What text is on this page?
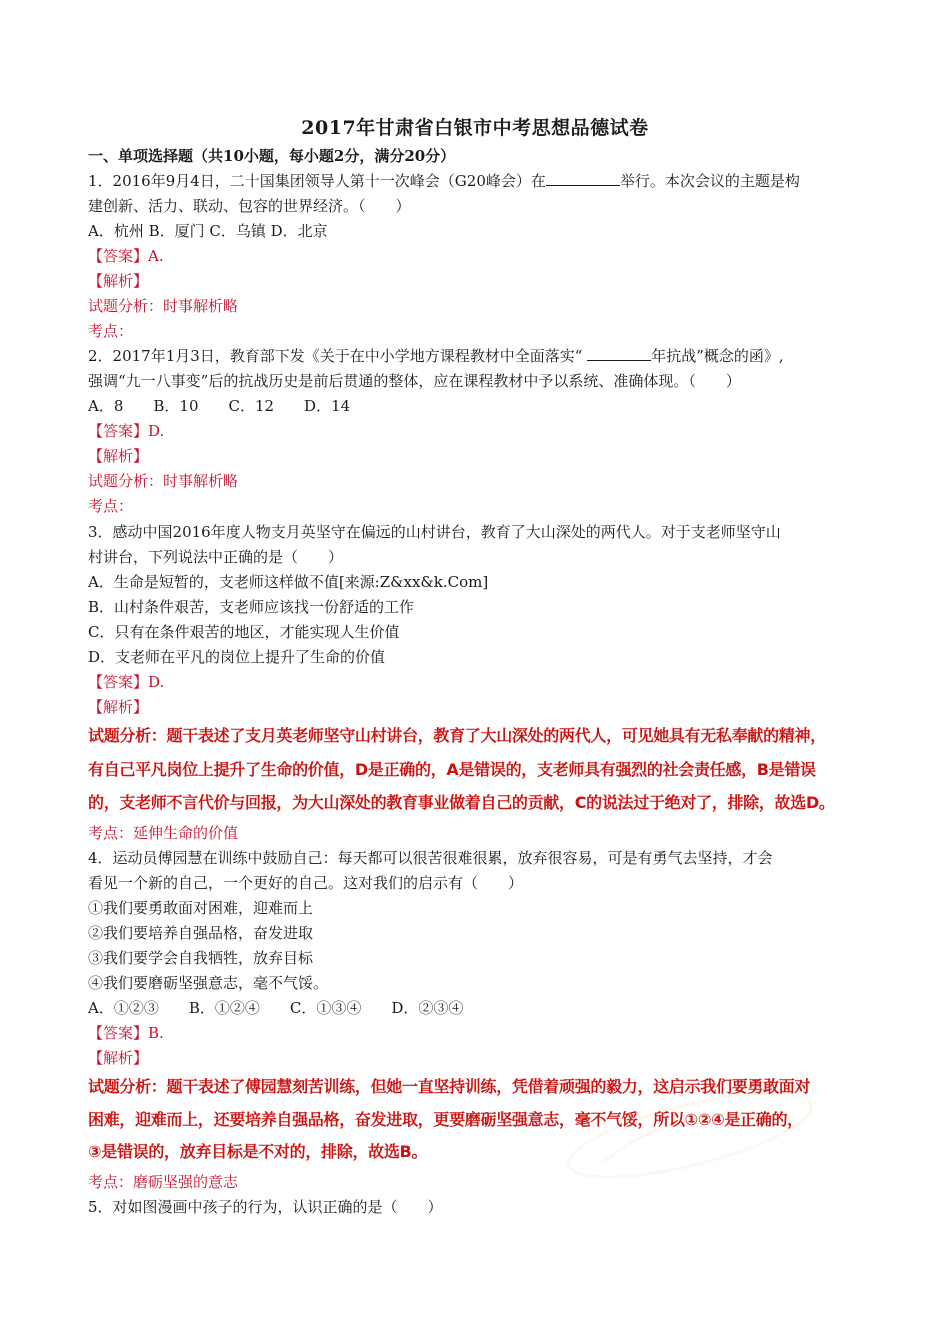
2017年甘肃省白银市中考思想品德试卷
一、单项选择题（共10小题，每小题2分，满分20分）
1．2016年9月4日，二十国集团领导人第十一次峰会（G20峰会）在	举行。本次会议的主题是构
建创新、活力、联动、包容的世界经济。（　　）
A．杭州 B．厦门 C．乌镇 D．北京
【答案】A.
【解析】
试题分析：时事解析略
考点：
2．2017年1月3日，教育部下发《关于在中小学地方课程教材中全面落实“	年抗战”概念的函》,
强调“九一八事变”后的抗战历史是前后贯通的整体，应在课程教材中予以系统、准确体现。（　　）
A．8　　B．10　　C．12　　D．14
【答案】D.
【解析】
试题分析：时事解析略
考点：
3．感动中国2016年度人物支月英坚守在偏远的山村讲台，教育了大山深处的两代人。对于支老师坚守山
村讲台，下列说法中正确的是（　　）
A．生命是短暂的，支老师这样做不值[来源:Z&xx&k.Com]
B．山村条件艰苦，支老师应该找一份舒适的工作
C．只有在条件艰苦的地区，才能实现人生价值
D．支老师在平凡的岗位上提升了生命的价值
【答案】D.
【解析】
试题分析：题干表述了支月英老师坚守山村讲台，教育了大山深处的两代人，可见她具有无私奉献的精神，
有自己平凡岗位上提升了生命的价值，D是正确的，A是错误的，支老师具有强烈的社会责任感，B是错误
的，支老师不言代价与回报，为大山深处的教育事业做着自己的贡献，C的说法过于绝对了，排除，故选D。
考点：延伸生命的价值
4．运动员傅园慧在训练中鼓励自己：每天都可以很苦很难很累，放弃很容易，可是有勇气去坚持，才会
看见一个新的自己，一个更好的自己。这对我们的启示有（　　）
①我们要勇敢面对困难，迎难而上
②我们要培养自强品格，奋发进取
③我们要学会自我牺牲，放弃目标
④我们要磨砺坚强意志，毫不气馁。
A．①②③　　B．①②④　　C．①③④　　D．②③④
【答案】B.
【解析】
试题分析：题干表述了傅园慧刻苦训练，但她一直坚持训练，凭借着顽强的毅力，这启示我们要勇敢面对
困难，迎难而上，还要培养自强品格，奋发进取，更要磨砺坚强意志，毫不气馁，所以①②④是正确的，
③是错误的，放弃目标是不对的，排除，故选B。
考点：磨砺坚强的意志
5．对如图漫画中孩子的行为，认识正确的是（　　）
